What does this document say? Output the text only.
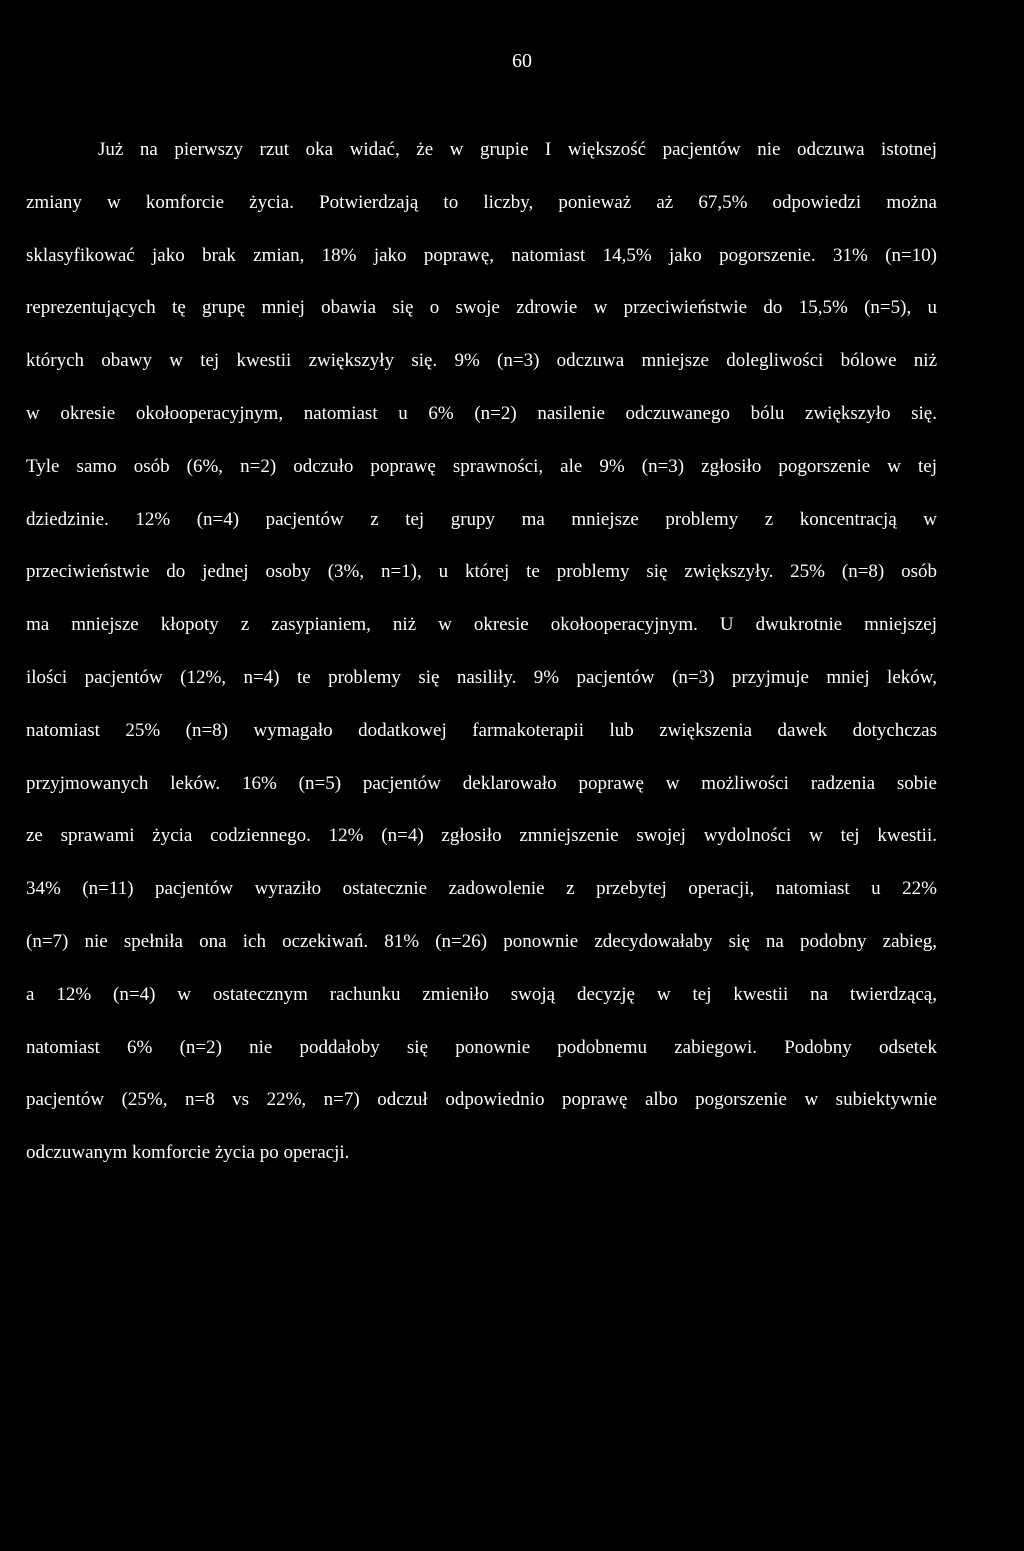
60

Już na pierwszy rzut oka widać, że w grupie I większość pacjentów nie odczuwa istotnej
zmiany w komforcie życia. Potwierdzają to liczby, ponieważ aż 67,5% odpowiedzi można
sklasyfikować jako brak zmian, 18% jako poprawę, natomiast 14,5% jako pogorszenie. 31% (n=10)
reprezentujących tę grupę mniej obawia się o swoje zdrowie w przeciwieństwie do 15,5% (n=5), u
których obawy w tej kwestii zwiększyły się. 9% (n=3) odczuwa mniejsze dolegliwości bólowe niż
w okresie okołooperacyjnym, natomiast u 6% (n=2) nasilenie odczuwanego bólu zwiększyło się.
Tyle samo osób (6%, n=2) odczuło poprawę sprawności, ale 9% (n=3) zgłosiło pogorszenie w tej
dziedzinie. 12% (n=4) pacjentów z tej grupy ma mniejsze problemy z koncentracją w
przeciwieństwie do jednej osoby (3%, n=1), u której te problemy się zwiększyły. 25% (n=8) osób
ma mniejsze kłopoty z zasypianiem, niż w okresie okołooperacyjnym. U dwukrotnie mniejszej
ilości pacjentów (12%, n=4) te problemy się nasiliły. 9% pacjentów (n=3) przyjmuje mniej leków,
natomiast 25% (n=8) wymagało dodatkowej farmakoterapii lub zwiększenia dawek dotychczas
przyjmowanych leków. 16% (n=5) pacjentów deklarowało poprawę w możliwości radzenia sobie
ze sprawami życia codziennego. 12% (n=4) zgłosiło zmniejszenie swojej wydolności w tej kwestii.
34% (n=11) pacjentów wyraziło ostatecznie zadowolenie z przebytej operacji, natomiast u 22%
(n=7) nie spełniła ona ich oczekiwań. 81% (n=26) ponownie zdecydowałaby się na podobny zabieg,
a 12% (n=4) w ostatecznym rachunku zmieniło swoją decyzję w tej kwestii na twierdzącą,
natomiast 6% (n=2) nie poddałoby się ponownie podobnemu zabiegowi. Podobny odsetek
pacjentów (25%, n=8 vs 22%, n=7) odczuł odpowiednio poprawę albo pogorszenie w subiektywnie
odczuwanym komforcie życia po operacji.
